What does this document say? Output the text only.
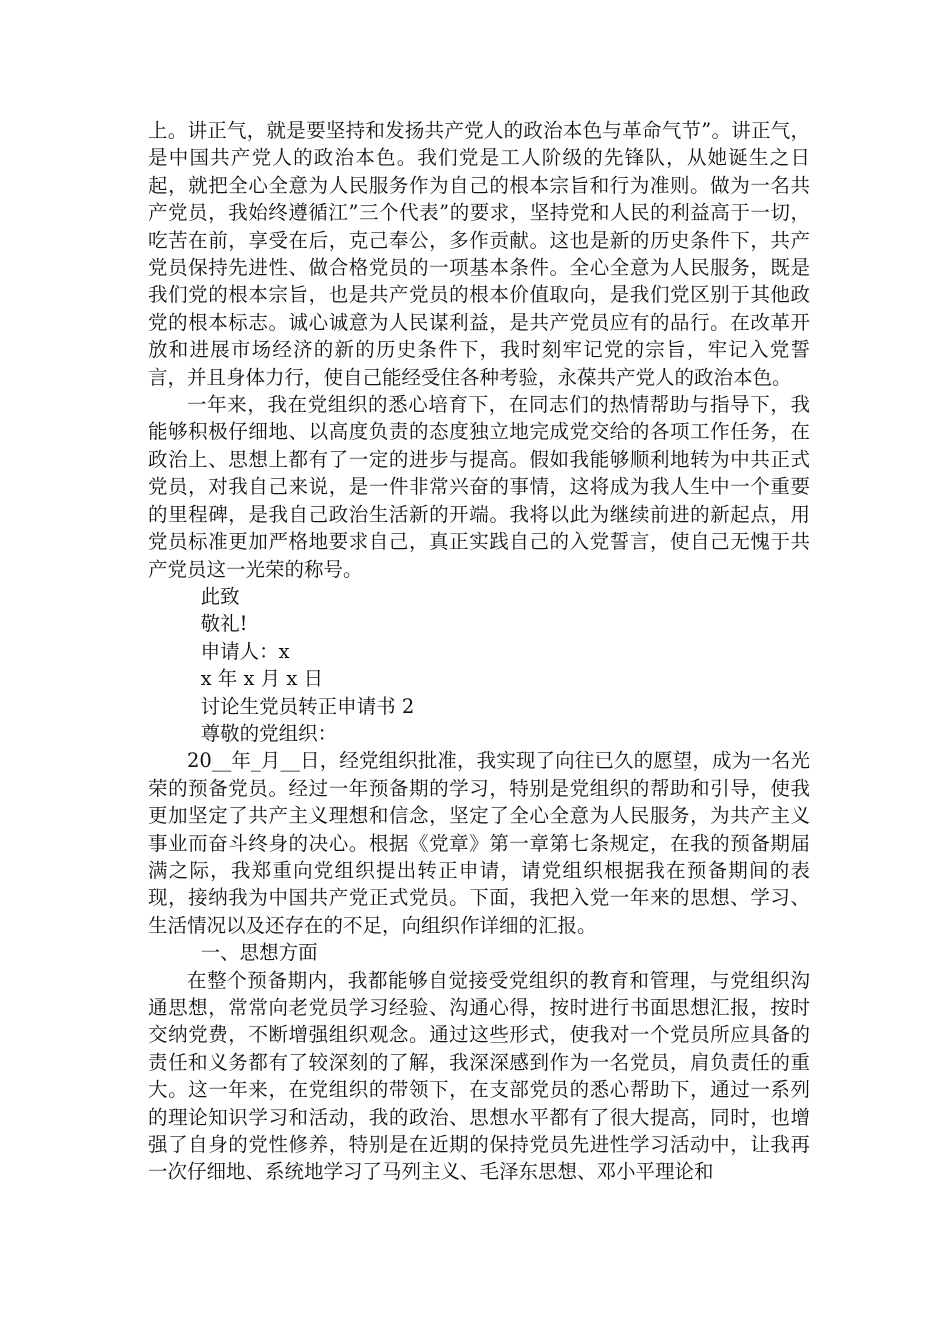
上。讲正气，就是要坚持和发扬共产党人的政治本色与革命气节”。讲正气，是中国共产党人的政治本色。我们党是工人阶级的先锋队，从她诞生之日起，就把全心全意为人民服务作为自己的根本宗旨和行为准则。做为一名共产党员，我始终遵循江”三个代表”的要求，坚持党和人民的利益高于一切，吃苦在前，享受在后，克己奉公，多作贡献。这也是新的历史条件下，共产党员保持先进性、做合格党员的一项基本条件。全心全意为人民服务，既是我们党的根本宗旨，也是共产党员的根本价值取向，是我们党区别于其他政党的根本标志。诚心诚意为人民谋利益，是共产党员应有的品行。在改革开放和进展市场经济的新的历史条件下，我时刻牢记党的宗旨，牢记入党誓言，并且身体力行，使自己能经受住各种考验，永葆共产党人的政治本色。

一年来，我在党组织的悉心培育下，在同志们的热情帮助与指导下，我能够积极仔细地、以高度负责的态度独立地完成党交给的各项工作任务，在政治上、思想上都有了一定的进步与提高。假如我能够顺利地转为中共正式党员，对我自己来说，是一件非常兴奋的事情，这将成为我人生中一个重要的里程碑，是我自己政治生活新的开端。我将以此为继续前进的新起点，用党员标准更加严格地要求自己，真正实践自己的入党誓言，使自己无愧于共产党员这一光荣的称号。

此致

敬礼!

申请人：x

x 年 x 月 x 日

讨论生党员转正申请书 2

尊敬的党组织：

20__年_月__日，经党组织批准，我实现了向往已久的愿望，成为一名光荣的预备党员。经过一年预备期的学习，特别是党组织的帮助和引导，使我更加坚定了共产主义理想和信念，坚定了全心全意为人民服务，为共产主义事业而奋斗终身的决心。根据《党章》第一章第七条规定，在我的预备期届满之际，我郑重向党组织提出转正申请，请党组织根据我在预备期间的表现，接纳我为中国共产党正式党员。下面，我把入党一年来的思想、学习、生活情况以及还存在的不足，向组织作详细的汇报。

一、思想方面

在整个预备期内，我都能够自觉接受党组织的教育和管理，与党组织沟通思想，常常向老党员学习经验、沟通心得，按时进行书面思想汇报，按时交纳党费，不断增强组织观念。通过这些形式，使我对一个党员所应具备的责任和义务都有了较深刻的了解，我深深感到作为一名党员，肩负责任的重大。这一年来，在党组织的带领下，在支部党员的悉心帮助下，通过一系列的理论知识学习和活动，我的政治、思想水平都有了很大提高，同时，也增强了自身的党性修养，特别是在近期的保持党员先进性学习活动中，让我再一次仔细地、系统地学习了马列主义、毛泽东思想、邓小平理论和
